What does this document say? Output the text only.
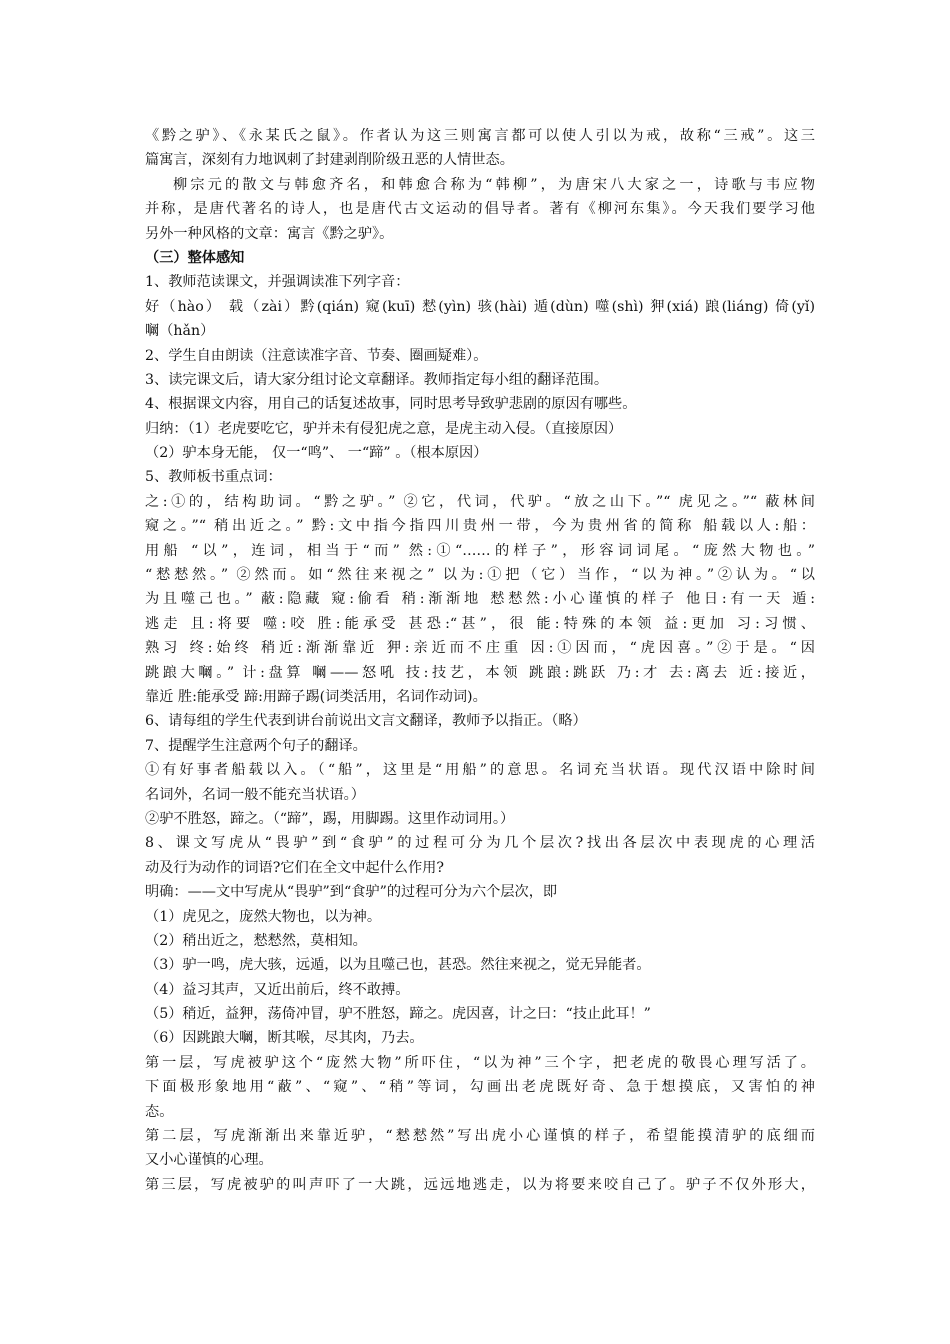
《黔之驴》、《永某氏之鼠》。作者认为这三则寓言都可以使人引以为戒，故称“三戒”。这三
篇寓言，深刻有力地讽刺了封建剥削阶级丑恶的人情世态。
柳宗元的散文与韩愈齐名，和韩愈合称为“韩柳”，为唐宋八大家之一，诗歌与韦应物
并称，是唐代著名的诗人，也是唐代古文运动的倡导者。著有《柳河东集》。今天我们要学习他
另外一种风格的文章：寓言《黔之驴》。
（三）整体感知
1、教师范读课文，并强调读准下列字音：
好（hào） 载（zài）黔(qián) 窥(kuī) 慭(yìn) 骇(hài) 遁(dùn) 噬(shì) 狎(xiá) 踉(liáng) 倚(yǐ)
㘎（hǎn）
2、学生自由朗读（注意读准字音、节奏、圈画疑难）。
3、读完课文后，请大家分组讨论文章翻译。教师指定每小组的翻译范围。
4、根据课文内容，用自己的话复述故事，同时思考导致驴悲剧的原因有哪些。
归纳：（1）老虎要吃它，驴并未有侵犯虎之意，是虎主动入侵。（直接原因）
（2）驴本身无能， 仅一“鸣”、 一“蹄” 。（根本原因）
5、教师板书重点词：
之:①的，结构助词。“黔之驴。” ②它，代词，代驴。“放之山下。”“ 虎见之。”“ 蔽林间
窥之。”“ 稍出近之。” 黔:文中指今指四川贵州一带，今为贵州省的简称 船载以人:船：
用船 “以”，连词，相当于“而” 然:①“……的样子”，形容词词尾。“庞然大物也。”
“慭慭然。” ②然而。如“然往来视之” 以为:①把（它）当作，“以为神。”②认为。“以
为且噬己也。” 蔽:隐藏 窥:偷看 稍:渐渐地 慭慭然:小心谨慎的样子 他日:有一天 遁:
逃走 且:将要 噬:咬 胜:能承受 甚恐:“甚”，很 能:特殊的本领 益:更加 习:习惯、
熟习 终:始终 稍近:渐渐靠近 狎:亲近而不庄重 因:①因而，“虎因喜。”②于是。“因
跳踉大㘎。” 计:盘算 㘎——怒吼 技:技艺，本领 跳踉:跳跃 乃:才 去:离去 近:接近，
靠近 胜:能承受 蹄:用蹄子踢(词类活用，名词作动词)。
6、请每组的学生代表到讲台前说出文言文翻译，教师予以指正。（略）
7、提醒学生注意两个句子的翻译。
①有好事者船载以入。（“船”，这里是“用船”的意思。名词充当状语。现代汉语中除时间
名词外，名词一般不能充当状语。）
②驴不胜怒，蹄之。（“蹄”，踢，用脚踢。这里作动词用。）
8、课文写虎从“畏驴”到“食驴”的过程可分为几个层次?找出各层次中表现虎的心理活
动及行为动作的词语?它们在全文中起什么作用?
明确：——文中写虎从“畏驴”到“食驴”的过程可分为六个层次，即
（1）虎见之，庞然大物也，以为神。
（2）稍出近之，慭慭然，莫相知。
（3）驴一鸣，虎大骇，远遁，以为且噬己也，甚恐。然往来视之，觉无异能者。
（4）益习其声，又近出前后，终不敢搏。
（5）稍近，益狎，荡倚冲冒，驴不胜怒，蹄之。虎因喜，计之曰：“技止此耳！”
（6）因跳踉大㘎，断其喉，尽其肉，乃去。
第一层，写虎被驴这个“庞然大物”所吓住，“以为神”三个字，把老虎的敬畏心理写活了。
下面极形象地用“蔽”、“窥”、“稍”等词，勾画出老虎既好奇、急于想摸底，又害怕的神
态。
第二层，写虎渐渐出来靠近驴，“慭慭然”写出虎小心谨慎的样子，希望能摸清驴的底细而
又小心谨慎的心理。
第三层，写虎被驴的叫声吓了一大跳，远远地逃走，以为将要来咬自己了。驴子不仅外形大，
